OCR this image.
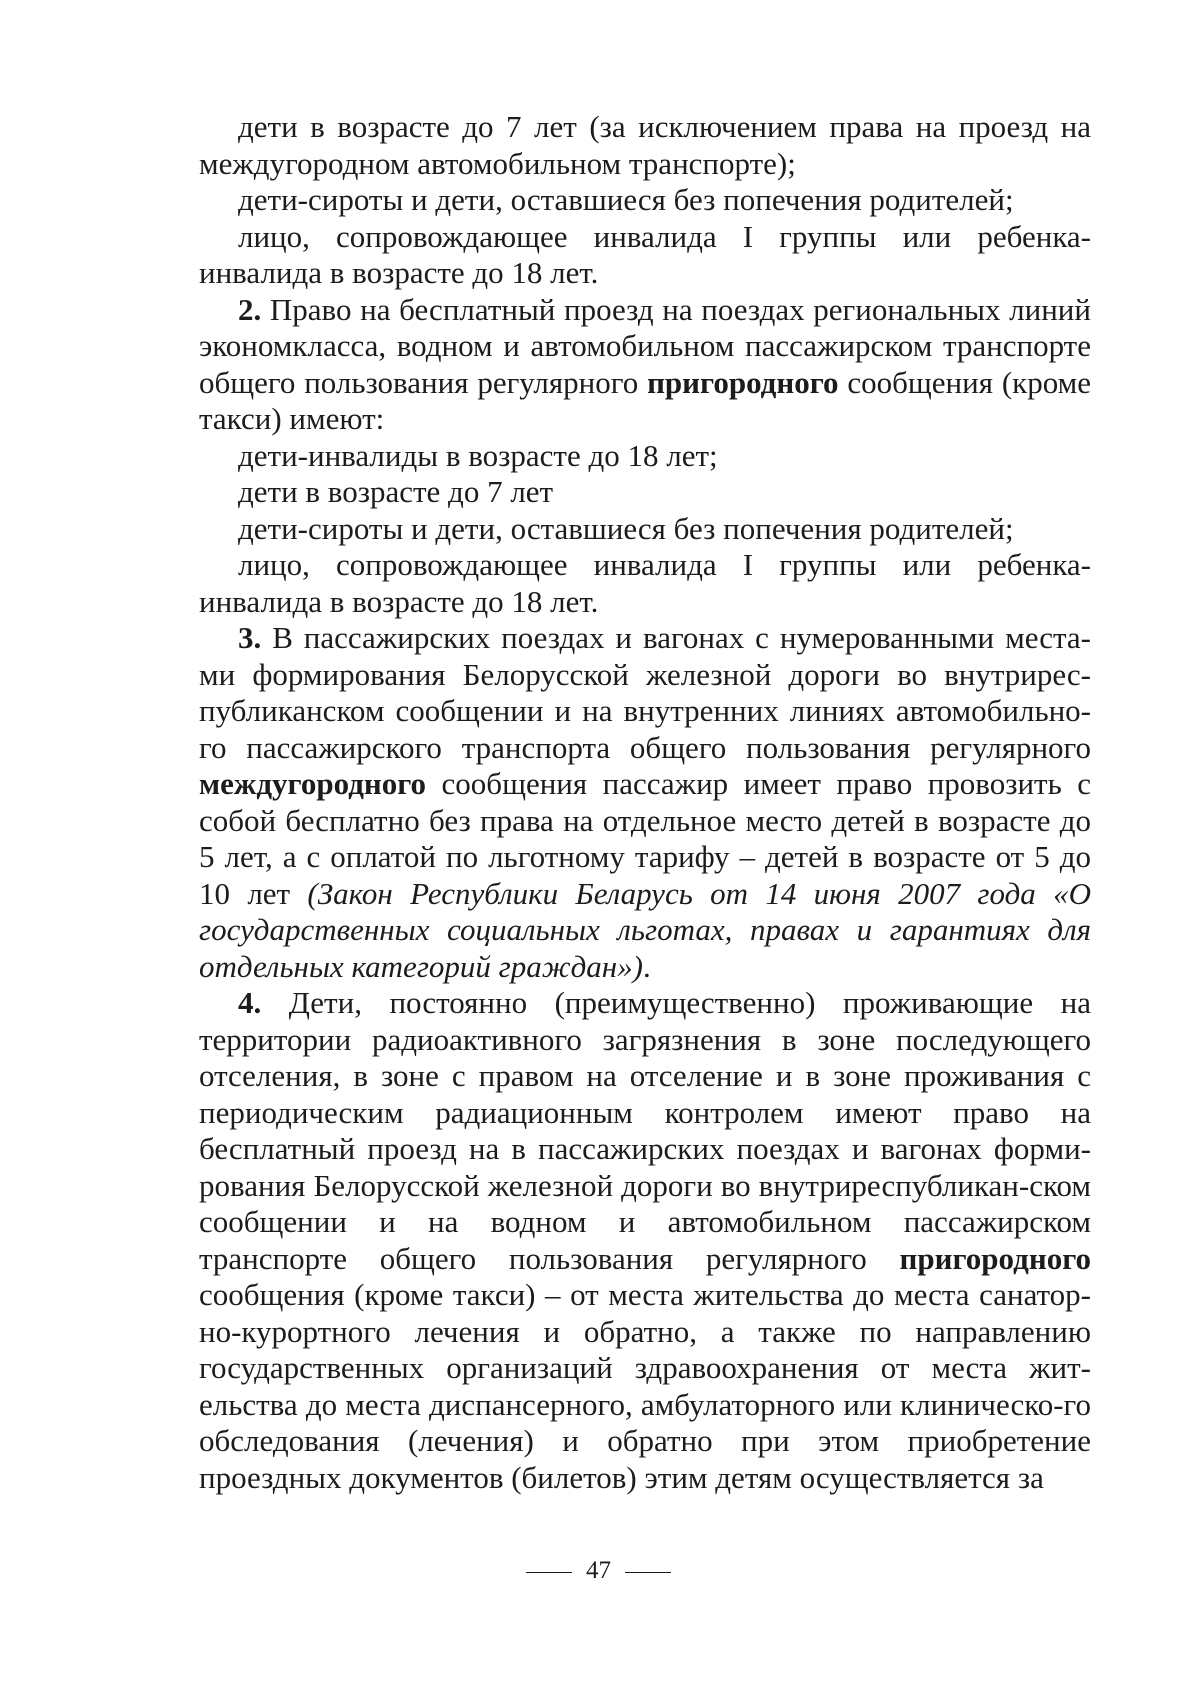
дети в возрасте до 7 лет (за исключением права на проезд на междугородном автомобильном транспорте);

дети-сироты и дети, оставшиеся без попечения родителей;

лицо, сопровождающее инвалида I группы или ребенка-инвалида в возрасте до 18 лет.

2. Право на бесплатный проезд на поездах региональных линий экономкласса, водном и автомобильном пассажирском транспорте общего пользования регулярного пригородного сообщения (кроме такси) имеют:

дети-инвалиды в возрасте до 18 лет;

дети в возрасте до 7 лет

дети-сироты и дети, оставшиеся без попечения родителей;

лицо, сопровождающее инвалида I группы или ребенка-инвалида в возрасте до 18 лет.

3. В пассажирских поездах и вагонах с нумерованными места-ми формирования Белорусской железной дороги во внутрирес-публиканском сообщении и на внутренних линиях автомобильно-го пассажирского транспорта общего пользования регулярного междугородного сообщения пассажир имеет право провозить с собой бесплатно без права на отдельное место детей в возрасте до 5 лет, а с оплатой по льготному тарифу – детей в возрасте от 5 до 10 лет (Закон Республики Беларусь от 14 июня 2007 года «О государственных социальных льготах, правах и гарантиях для отдельных категорий граждан»).

4. Дети, постоянно (преимущественно) проживающие на территории радиоактивного загрязнения в зоне последующего отселения, в зоне с правом на отселение и в зоне проживания с периодическим радиационным контролем имеют право на бесплатный проезд на в пассажирских поездах и вагонах форми-рования Белорусской железной дороги во внутриреспубликан-ском сообщении и на водном и автомобильном пассажирском транспорте общего пользования регулярного пригородного сообщения (кроме такси) – от места жительства до места санатор-но-курортного лечения и обратно, а также по направлению государственных организаций здравоохранения от места жит-ельства до места диспансерного, амбулаторного или клиническо-го обследования (лечения) и обратно при этом приобретение проездных документов (билетов) этим детям осуществляется за

47
